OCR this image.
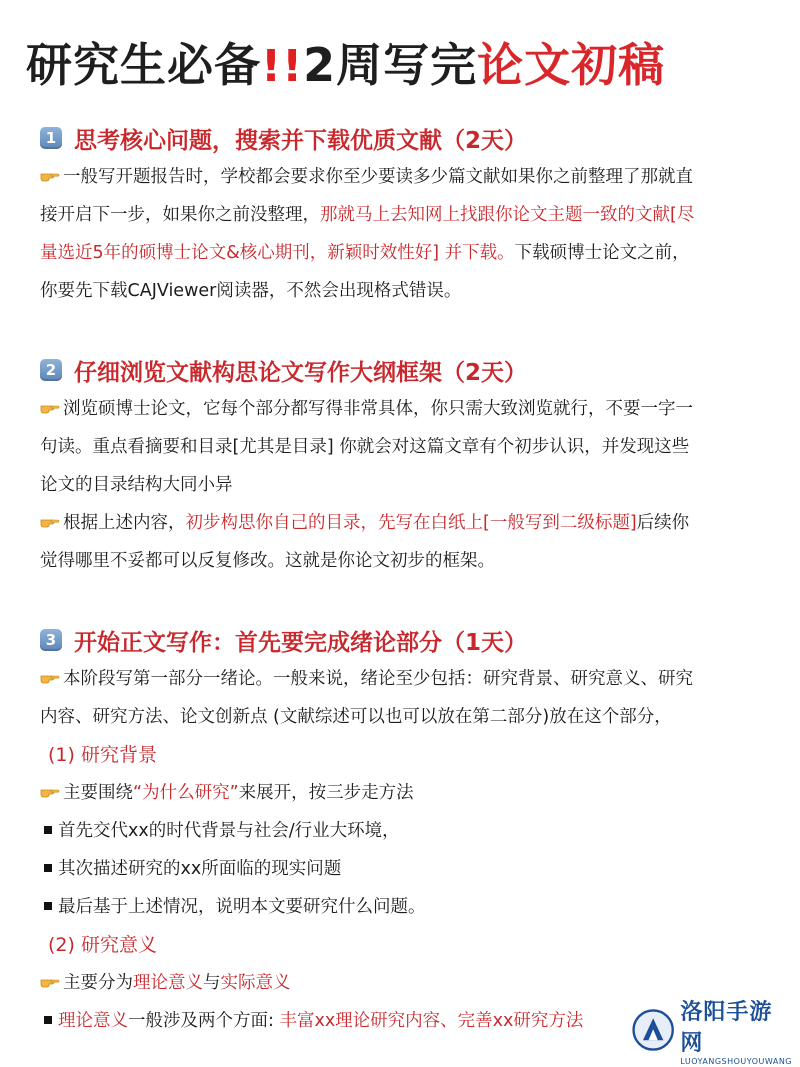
研究生必备!!2周写完论文初稿
1 思考核心问题，搜索并下载优质文献（2天）
一般写开题报告时，学校都会要求你至少要读多少篇文献如果你之前整理了那就直
接开启下一步，如果你之前没整理，那就马上去知网上找跟你论文主题一致的文献[尽
量选近5年的硕博士论文&核心期刊，新颖时效性好] 并下载。下载硕博士论文之前，
你要先下载CAJViewer阅读器，不然会出现格式错误。
2 仔细浏览文献构思论文写作大纲框架（2天）
浏览硕博士论文，它每个部分都写得非常具体，你只需大致浏览就行，不要一字一
句读。重点看摘要和目录[尤其是目录] 你就会对这篇文章有个初步认识，并发现这些
论文的目录结构大同小异
根据上述内容，初步构思你自己的目录，先写在白纸上[一般写到二级标题]后续你
觉得哪里不妥都可以反复修改。这就是你论文初步的框架。
3 开始正文写作：首先要完成绪论部分（1天）
本阶段写第一部分一绪论。一般来说，绪论至少包括：研究背景、研究意义、研究
内容、研究方法、论文创新点 (文献综述可以也可以放在第二部分)放在这个部分，
(1) 研究背景
主要围绕“为什么研究”来展开，按三步走方法
首先交代xx的时代背景与社会/行业大环境，
其次描述研究的xx所面临的现实问题
最后基于上述情况，说明本文要研究什么问题。
(2) 研究意义
主要分为理论意义与实际意义
理论意义一般涉及两个方面: 丰富xx理论研究内容、完善xx研究方法	洛阳手游网
LUOYANGSHOUYOUWANG
